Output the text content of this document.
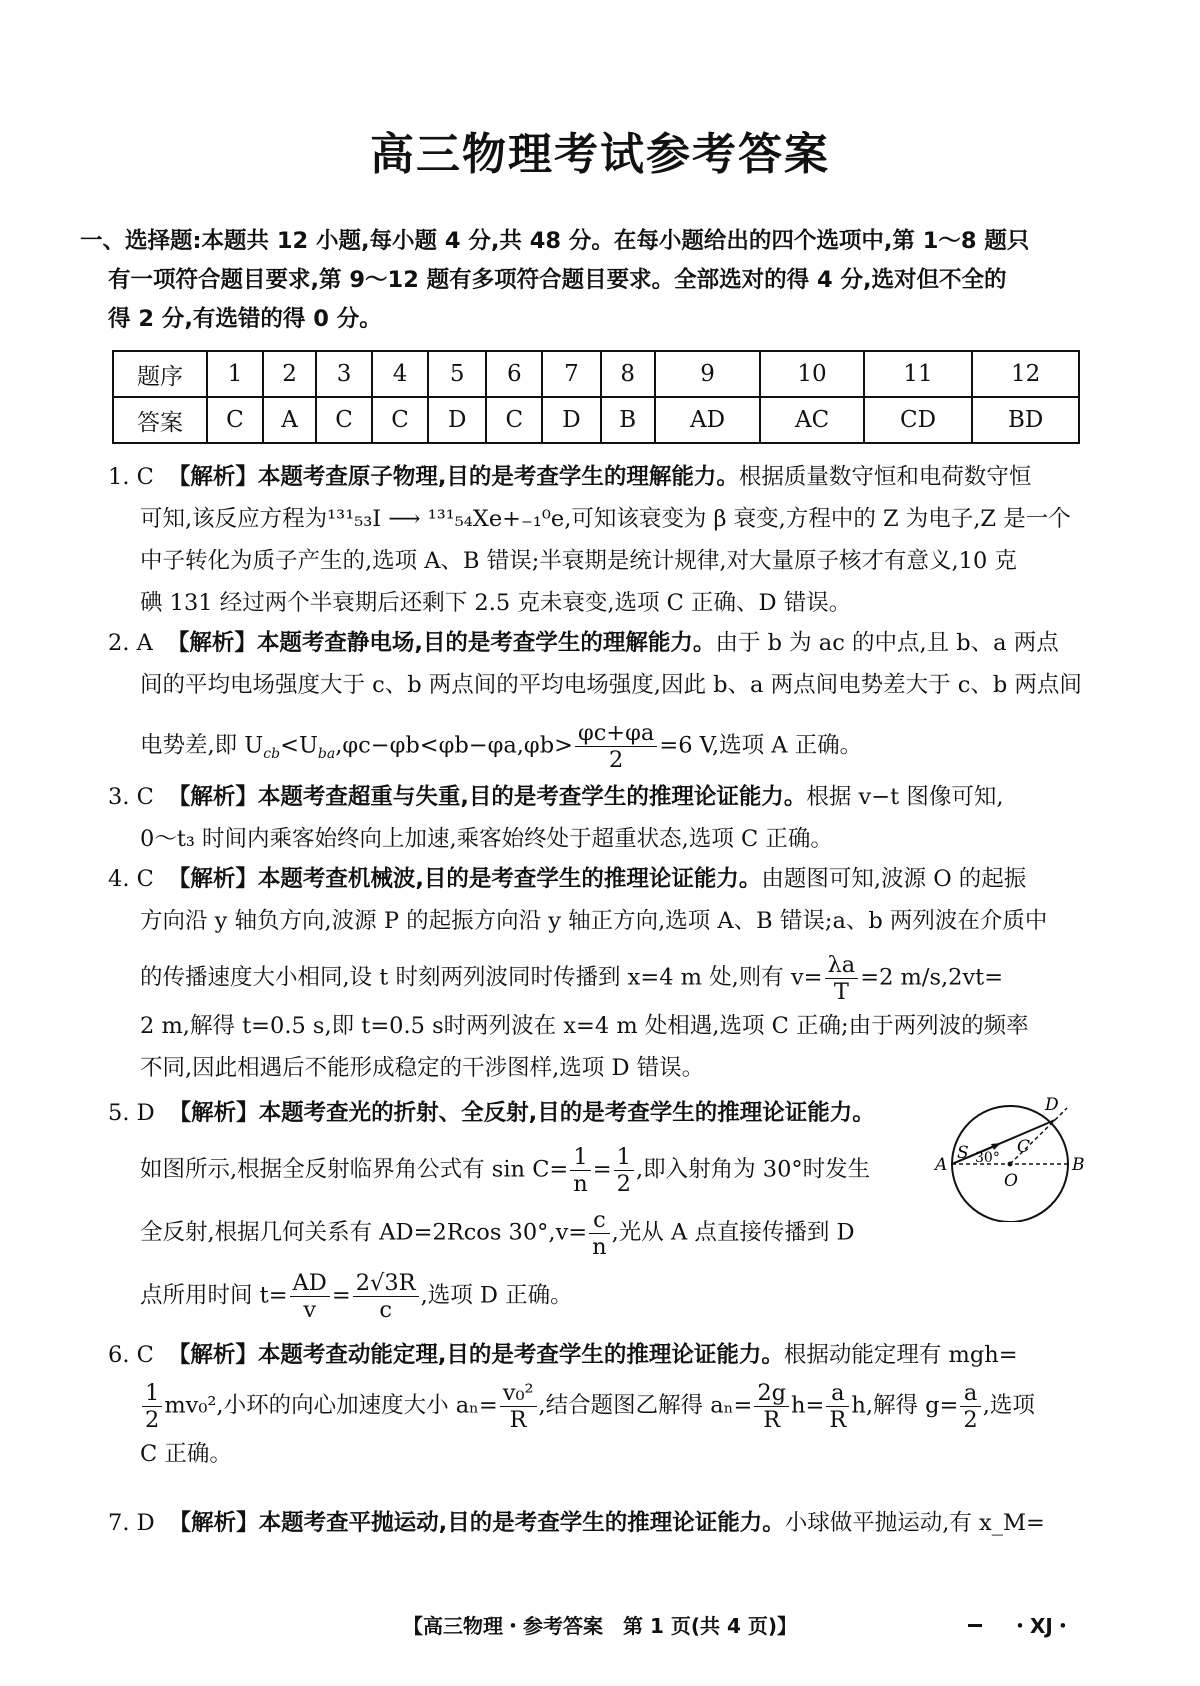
高三物理考试参考答案
一、选择题:本题共 12 小题,每小题 4 分,共 48 分。在每小题给出的四个选项中,第 1～8 题只
有一项符合题目要求,第 9～12 题有多项符合题目要求。全部选对的得 4 分,选对但不全的
得 2 分,有选错的得 0 分。
题序	1	2	3	4	5	6	7	8	9	10	11	12
答案	C	A	C	C	D	C	D	B	AD	AC	CD	BD
1. C 【解析】本题考查原子物理,目的是考查学生的理解能力。根据质量数守恒和电荷数守恒
可知,该反应方程为¹³¹₅₃I ⟶ ¹³¹₅₄Xe+₋₁⁰e,可知该衰变为 β 衰变,方程中的 Z 为电子,Z 是一个
中子转化为质子产生的,选项 A、B 错误;半衰期是统计规律,对大量原子核才有意义,10 克
碘 131 经过两个半衰期后还剩下 2.5 克未衰变,选项 C 正确、D 错误。
2. A 【解析】本题考查静电场,目的是考查学生的理解能力。由于 b 为 ac 的中点,且 b、a 两点
间的平均电场强度大于 c、b 两点间的平均电场强度,因此 b、a 两点间电势差大于 c、b 两点间
电势差,即 $U_{cb}<U_{ba},\varphi c-\varphi b<\varphi b-\varphi a,\varphi b> \frac{\varphi c+\varphi a}{2} =6$ V,选项 A 正确。
3. C 【解析】本题考查超重与失重,目的是考查学生的推理论证能力。根据 v−t 图像可知,
0～t₃ 时间内乘客始终向上加速,乘客始终处于超重状态,选项 C 正确。
4. C 【解析】本题考查机械波,目的是考查学生的推理论证能力。由题图可知,波源 O 的起振
方向沿 y 轴负方向,波源 P 的起振方向沿 y 轴正方向,选项 A、B 错误;a、b 两列波在介质中
的传播速度大小相同,设 t 时刻两列波同时传播到 x=4 m 处,则有 $v= \frac{\lambda a}{T} =2$ m/s,2vt=
2 m,解得 t=0.5 s,即 t=0.5 s时两列波在 x=4 m 处相遇,选项 C 正确;由于两列波的频率
不同,因此相遇后不能形成稳定的干涉图样,选项 D 错误。
5. D 【解析】本题考查光的折射、全反射,目的是考查学生的推理论证能力。
如图所示,根据全反射临界角公式有 $\sin C= \frac{1}{n} = \frac{1}{2}$ ,即入射角为 30°时发生
全反射,根据几何关系有 AD=2Rcos $30^\circ,v= \frac{c}{n}$ ,光从 A 点直接传播到 D
点所用时间 $t= \frac{AD}{v} = \frac{2√3R}{c}$ ,选项 D 正确。
A	B
C
D
O
S 30°
6. C 【解析】本题考查动能定理,目的是考查学生的推理论证能力。根据动能定理有 mgh=
$\frac{1}{2} mv_0^2$,小环的向心加速度大小 $a_n= \frac{\text{v₀²}}{R}$ ,结合题图乙解得 $a_n= \frac{2g}{R} h= \frac{a}{R} h$,解得 $g= \frac{a}{2}$ ,选项
C 正确。
7. D 【解析】本题考查平抛运动,目的是考查学生的推理论证能力。小球做平抛运动,有 x_M=
【高三物理・参考答案　第 1 页(共 4 页)】	・XJ・
